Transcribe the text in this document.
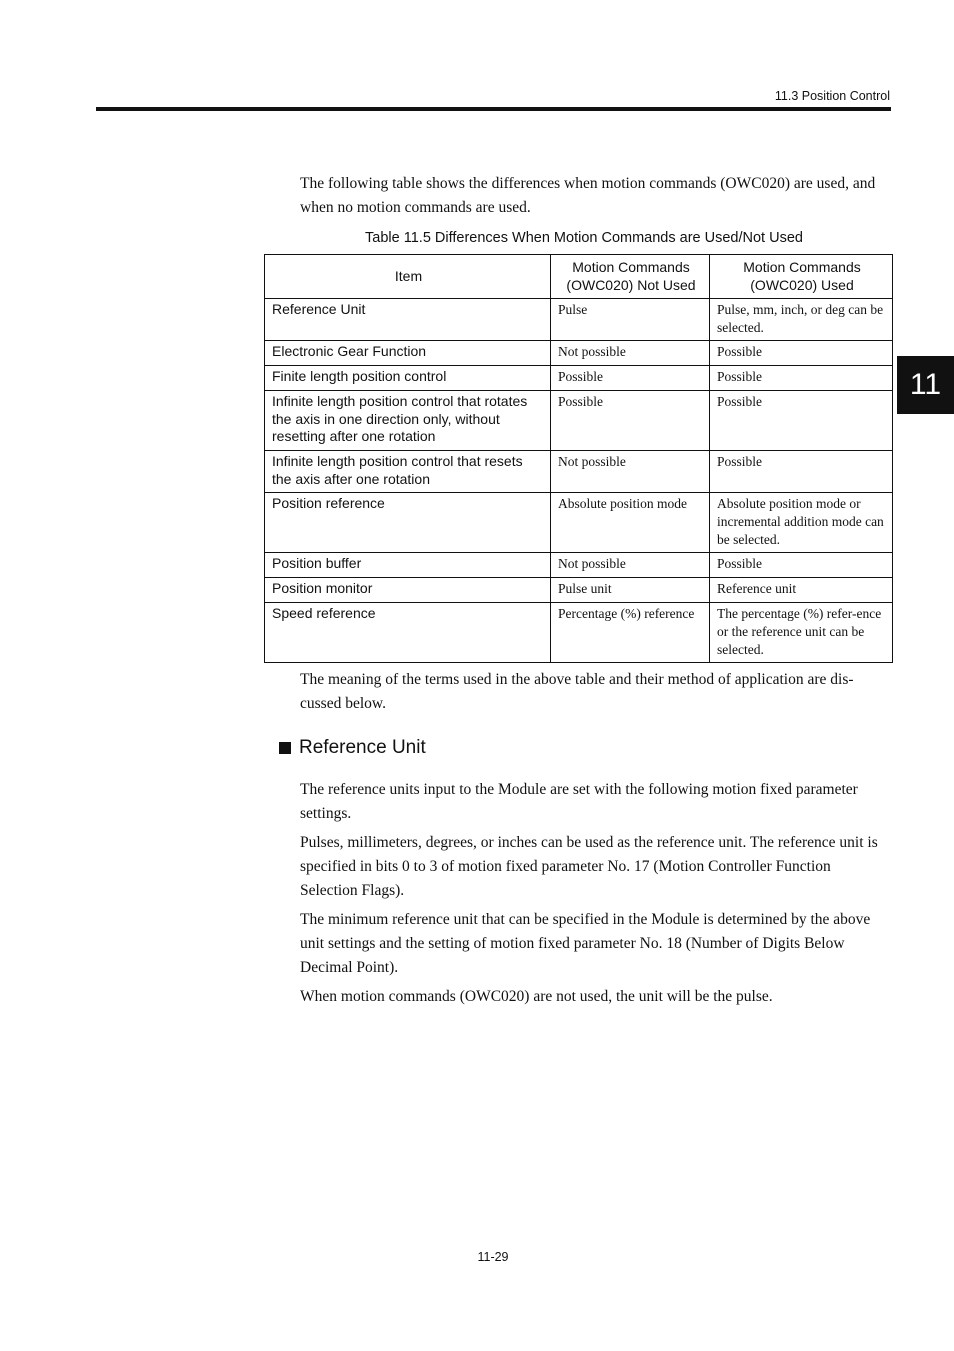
11.3 Position Control
11

The following table shows the differences when motion commands (OWC020) are used, and when no motion commands are used.

Table 11.5 Differences When Motion Commands are Used/Not Used
Item	Motion Commands (OWC020) Not Used	Motion Commands (OWC020) Used
Reference Unit	Pulse	Pulse, mm, inch, or deg can be selected.
Electronic Gear Function	Not possible	Possible
Finite length position control	Possible	Possible
Infinite length position control that rotates the axis in one direction only, without resetting after one rotation	Possible	Possible
Infinite length position control that resets the axis after one rotation	Not possible	Possible
Position reference	Absolute position mode	Absolute position mode or incremental addition mode can be selected.
Position buffer	Not possible	Possible
Position monitor	Pulse unit	Reference unit
Speed reference	Percentage (%) reference	The percentage (%) refer-ence or the reference unit can be selected.

The meaning of the terms used in the above table and their method of application are dis-cussed below.

Reference Unit

The reference units input to the Module are set with the following motion fixed parameter settings.

Pulses, millimeters, degrees, or inches can be used as the reference unit. The reference unit is specified in bits 0 to 3 of motion fixed parameter No. 17 (Motion Controller Function Selection Flags).

The minimum reference unit that can be specified in the Module is determined by the above unit settings and the setting of motion fixed parameter No. 18 (Number of Digits Below Decimal Point).

When motion commands (OWC020) are not used, the unit will be the pulse.

11-29
